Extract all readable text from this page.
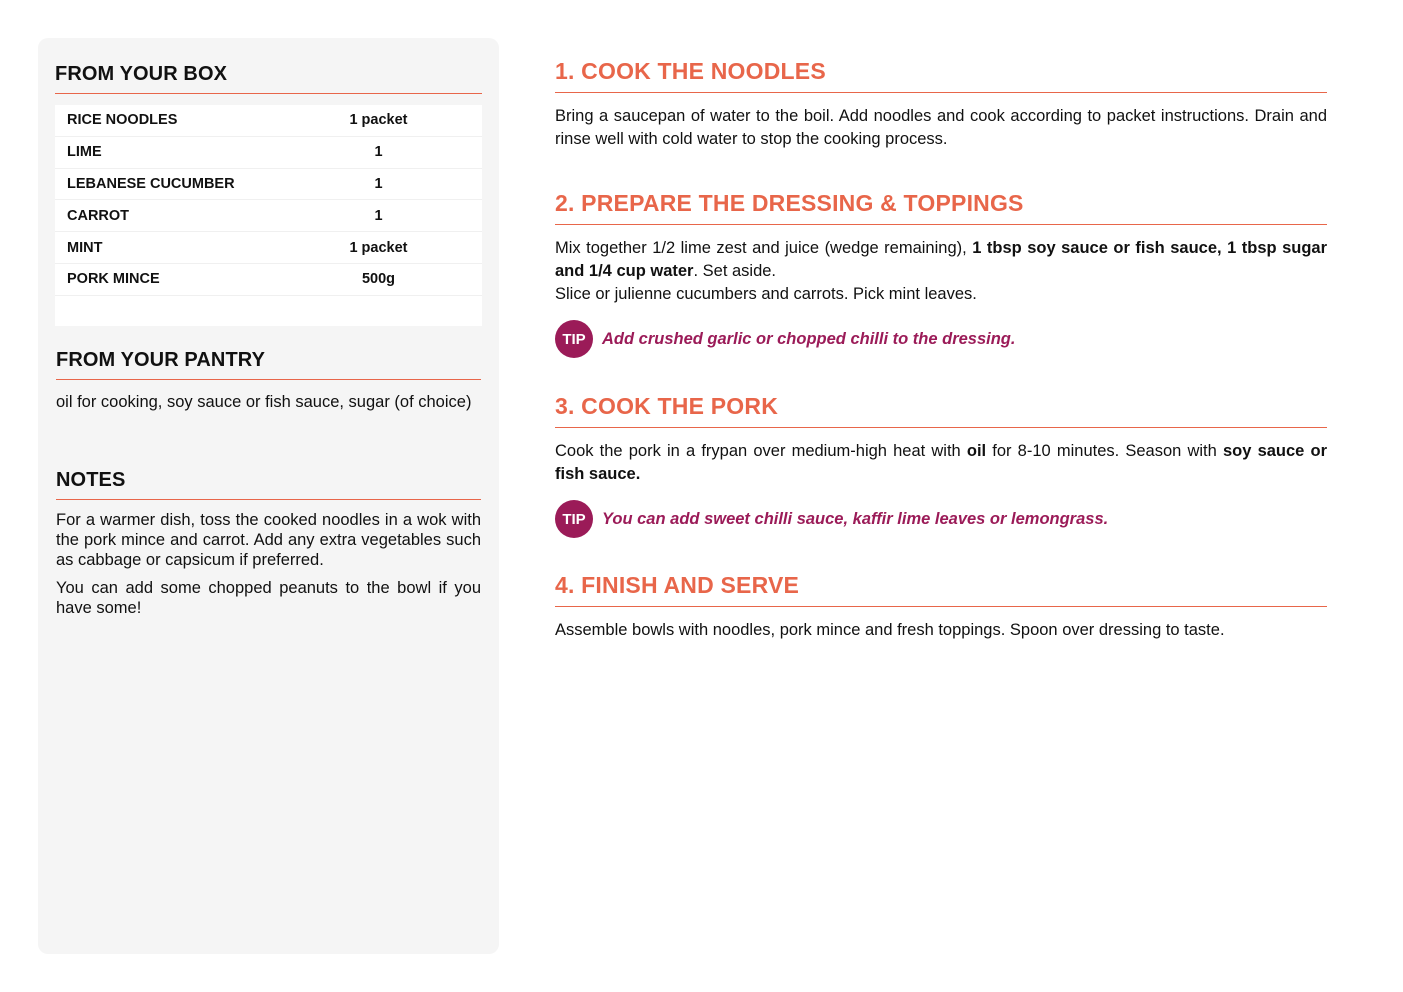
FROM YOUR BOX
RICE NOODLES	1 packet
LIME	1
LEBANESE CUCUMBER	1
CARROT	1
MINT	1 packet
PORK MINCE	500g
FROM YOUR PANTRY
oil for cooking, soy sauce or fish sauce, sugar (of choice)
NOTES

For a warmer dish, toss the cooked noodles in a wok with the pork mince and carrot. Add any extra vegetables such as cabbage or capsicum if preferred.

You can add some chopped peanuts to the bowl if you have some!

1. COOK THE NOODLES
Bring a saucepan of water to the boil. Add noodles and cook according to packet instructions. Drain and rinse well with cold water to stop the cooking process.
2. PREPARE THE DRESSING & TOPPINGS
Mix together 1/2 lime zest and juice (wedge remaining), 1 tbsp soy sauce or fish sauce, 1 tbsp sugar and 1/4 cup water. Set aside.
Slice or julienne cucumbers and carrots. Pick mint leaves.
TIP Add crushed garlic or chopped chilli to the dressing.
3. COOK THE PORK
Cook the pork in a frypan over medium-high heat with oil for 8-10 minutes. Season with soy sauce or fish sauce.
TIP You can add sweet chilli sauce, kaffir lime leaves or lemongrass.
4. FINISH AND SERVE
Assemble bowls with noodles, pork mince and fresh toppings. Spoon over dressing to taste.
